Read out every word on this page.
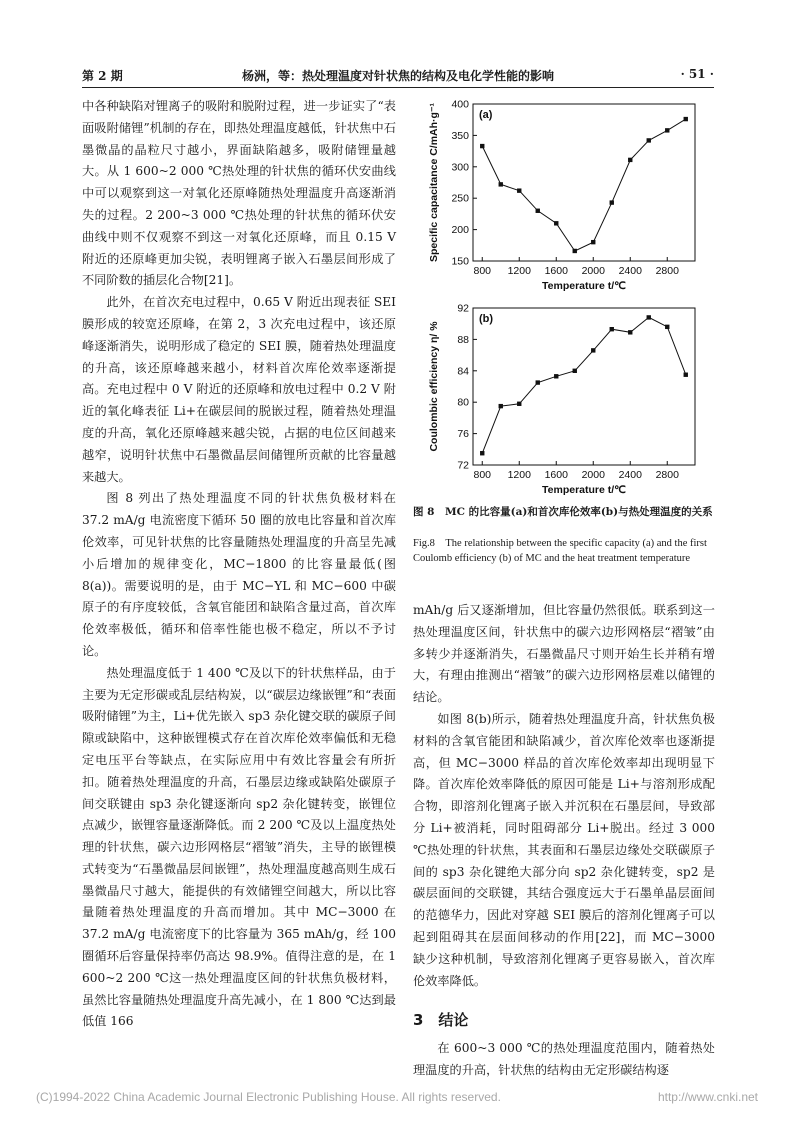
第 2 期	杨洲，等：热处理温度对针状焦的结构及电化学性能的影响	· 51 ·

中各种缺陷对锂离子的吸附和脱附过程，进一步证实了“表面吸附储锂”机制的存在，即热处理温度越低，针状焦中石墨微晶的晶粒尺寸越小，界面缺陷越多，吸附储锂量越大。从 1 600~2 000 ℃热处理的针状焦的循环伏安曲线中可以观察到这一对氧化还原峰随热处理温度升高逐渐消失的过程。2 200~3 000 ℃热处理的针状焦的循环伏安曲线中则不仅观察不到这一对氧化还原峰，而且 0.15 V 附近的还原峰更加尖锐，表明锂离子嵌入石墨层间形成了不同阶数的插层化合物[21]。

此外，在首次充电过程中，0.65 V 附近出现表征 SEI 膜形成的较宽还原峰，在第 2，3 次充电过程中，该还原峰逐渐消失，说明形成了稳定的 SEI 膜，随着热处理温度的升高，该还原峰越来越小，材料首次库伦效率逐渐提高。充电过程中 0 V 附近的还原峰和放电过程中 0.2 V 附近的氧化峰表征 Li+在碳层间的脱嵌过程，随着热处理温度的升高，氧化还原峰越来越尖锐，占据的电位区间越来越窄，说明针状焦中石墨微晶层间储锂所贡献的比容量越来越大。

图 8 列出了热处理温度不同的针状焦负极材料在 37.2 mA/g 电流密度下循环 50 圈的放电比容量和首次库伦效率，可见针状焦的比容量随热处理温度的升高呈先减小后增加的规律变化，MC−1800 的比容量最低(图 8(a))。需要说明的是，由于 MC−YL 和 MC−600 中碳原子的有序度较低，含氧官能团和缺陷含量过高，首次库伦效率极低，循环和倍率性能也极不稳定，所以不予讨论。

热处理温度低于 1 400 ℃及以下的针状焦样品，由于主要为无定形碳或乱层结构炭，以“碳层边缘嵌锂”和“表面吸附储锂”为主，Li+优先嵌入 sp3 杂化键交联的碳原子间隙或缺陷中，这种嵌锂模式存在首次库伦效率偏低和无稳定电压平台等缺点，在实际应用中有效比容量会有所折扣。随着热处理温度的升高，石墨层边缘或缺陷处碳原子间交联键由 sp3 杂化键逐渐向 sp2 杂化键转变，嵌锂位点减少，嵌锂容量逐渐降低。而 2 200 ℃及以上温度热处理的针状焦，碳六边形网格层“褶皱”消失，主导的嵌锂模式转变为“石墨微晶层间嵌锂”，热处理温度越高则生成石墨微晶尺寸越大，能提供的有效储锂空间越大，所以比容量随着热处理温度的升高而增加。其中 MC−3000 在 37.2 mA/g 电流密度下的比容量为 365 mAh/g，经 100 圈循环后容量保持率仍高达 98.9%。值得注意的是，在 1 600~2 200 ℃这一热处理温度区间的针状焦负极材料，虽然比容量随热处理温度升高先减小，在 1 800 ℃达到最低值 166

800 1200 1600 2000 2400 2800
150
200
250
300
350
400
Temperature t/℃
Specific capacitance C/mAh·g⁻¹	(a)
800 1200 1600 2000 2400 2800
72
76
80
84
88
92
Temperature t/℃
Coulombic efficiency η/ %
(b)
图 8　MC 的比容量(a)和首次库伦效率(b)与热处理温度的关系
Fig.8　The relationship between the specific capacity (a) and the first Coulomb efficiency (b) of MC and the heat treatment temperature

mAh/g 后又逐渐增加，但比容量仍然很低。联系到这一热处理温度区间，针状焦中的碳六边形网格层“褶皱”由多转少并逐渐消失，石墨微晶尺寸则开始生长并稍有增大，有理由推测出“褶皱”的碳六边形网格层难以储锂的结论。

如图 8(b)所示，随着热处理温度升高，针状焦负极材料的含氧官能团和缺陷减少，首次库伦效率也逐渐提高，但 MC−3000 样品的首次库伦效率却出现明显下降。首次库伦效率降低的原因可能是 Li+与溶剂形成配合物，即溶剂化锂离子嵌入并沉积在石墨层间，导致部分 Li+被消耗，同时阻碍部分 Li+脱出。经过 3 000 ℃热处理的针状焦，其表面和石墨层边缘处交联碳原子间的 sp3 杂化键绝大部分向 sp2 杂化键转变，sp2 是碳层面间的交联键，其结合强度远大于石墨单晶层面间的范德华力，因此对穿越 SEI 膜后的溶剂化锂离子可以起到阻碍其在层面间移动的作用[22]，而 MC−3000 缺少这种机制，导致溶剂化锂离子更容易嵌入，首次库伦效率降低。

3　结论

在 600~3 000 ℃的热处理温度范围内，随着热处理温度的升高，针状焦的结构由无定形碳结构逐

(C)1994-2022 China Academic Journal Electronic Publishing House. All rights reserved.	http://www.cnki.net
